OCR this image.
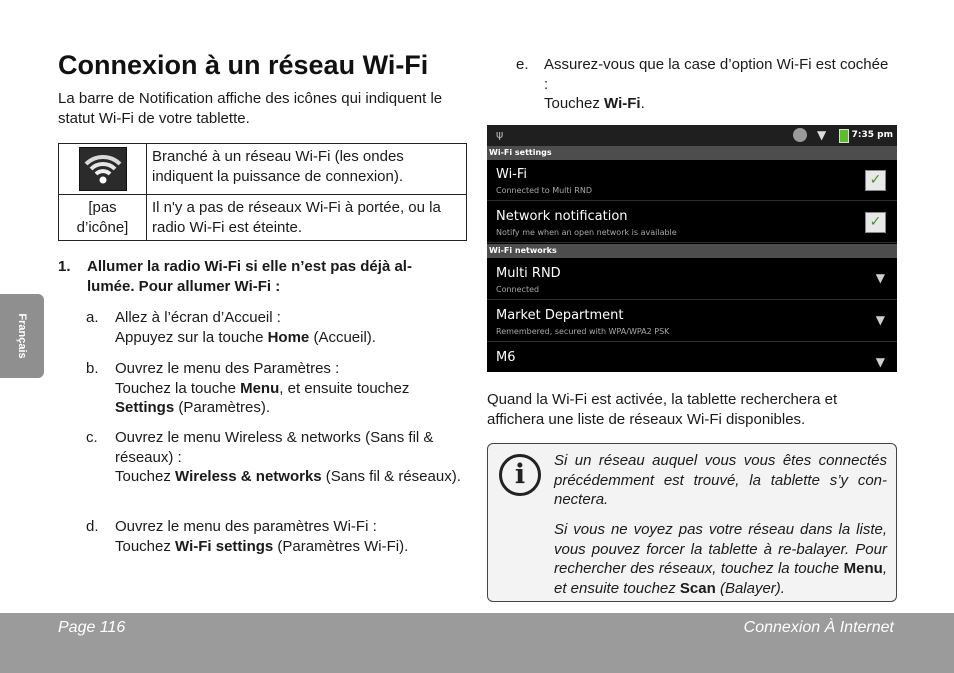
Connexion à un réseau Wi-Fi
La barre de Notification affiche des icônes qui indiquent le statut Wi-Fi de votre tablette.
	Branché à un réseau Wi-Fi (les ondes indiquent la puissance de connexion).
[pas d’icône]	Il n'y a pas de réseaux Wi-Fi à portée, ou la radio Wi-Fi est éteinte.
1. Allumer la radio Wi-Fi si elle n’est pas déjà al-lumée. Pour allumer Wi-Fi :
a. Allez à l’écran d’Accueil :
Appuyez sur la touche Home (Accueil).
b. Ouvrez le menu des Paramètres :
Touchez la touche Menu, et ensuite touchez Settings (Paramètres).
c. Ouvrez le menu Wireless & networks (Sans fil & réseaux) :
Touchez Wireless & networks (Sans fil & réseaux).
d. Ouvrez le menu des paramètres Wi-Fi :
Touchez Wi-Fi settings (Paramètres Wi-Fi).
Français
e. Assurez-vous que la case d’option Wi-Fi est cochée :
Touchez Wi-Fi.
ψ	▼	7:35 pm
Wi-Fi settings
Wi-Fi
Connected to Multi RND
✓
Network notification
Notify me when an open network is available
✓
Wi-Fi networks
Multi RND
Connected
▼
Market Department
Remembered, secured with WPA/WPA2 PSK
▼
M6	▼
Quand la Wi-Fi est activée, la tablette recherchera et affichera une liste de réseaux Wi-Fi disponibles.
i	Si un réseau auquel vous vous êtes connectés précédemment est trouvé, la tablette s’y con-nectera.
Si vous ne voyez pas votre réseau dans la liste, vous pouvez forcer la tablette à re-balayer. Pour rechercher des réseaux, touchez la touche Menu, et ensuite touchez Scan (Balayer).
Page 116	Connexion À Internet
